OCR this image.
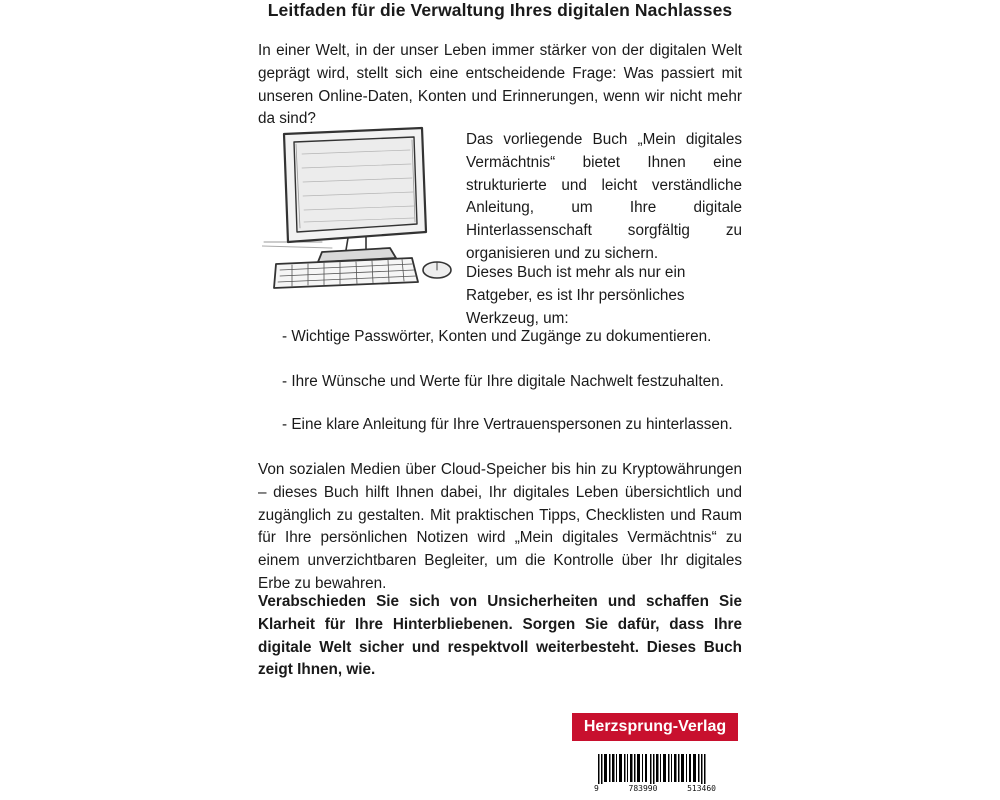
Leitfaden für die Verwaltung Ihres digitalen Nachlasses

In einer Welt, in der unser Leben immer stärker von der digitalen Welt geprägt wird, stellt sich eine entscheidende Frage: Was passiert mit unseren Online-Daten, Konten und Erinnerungen, wenn wir nicht mehr da sind?

Das vorliegende Buch „Mein digitales Vermächtnis“ bietet Ihnen eine strukturierte und leicht verständliche Anleitung, um Ihre digitale Hinterlassenschaft sorgfältig zu organisieren und zu sichern.

Dieses Buch ist mehr als nur ein Ratgeber, es ist Ihr persönliches Werkzeug, um:

- Wichtige Passwörter, Konten und Zugänge zu dokumentieren.
- Ihre Wünsche und Werte für Ihre digitale Nachwelt festzuhalten.
- Eine klare Anleitung für Ihre Vertrauenspersonen zu hinterlassen.

Von sozialen Medien über Cloud-Speicher bis hin zu Kryptowährungen – dieses Buch hilft Ihnen dabei, Ihr digitales Leben übersichtlich und zugänglich zu gestalten. Mit praktischen Tipps, Checklisten und Raum für Ihre persönlichen Notizen wird „Mein digitales Vermächtnis“ zu einem unverzichtbaren Begleiter, um die Kontrolle über Ihr digitales Erbe zu bewahren.

Verabschieden Sie sich von Unsicherheiten und schaffen Sie Klarheit für Ihre Hinterbliebenen. Sorgen Sie dafür, dass Ihre digitale Welt sicher und respektvoll weiterbesteht. Dieses Buch zeigt Ihnen, wie.

Herzsprung-Verlag
9	783990	513460
